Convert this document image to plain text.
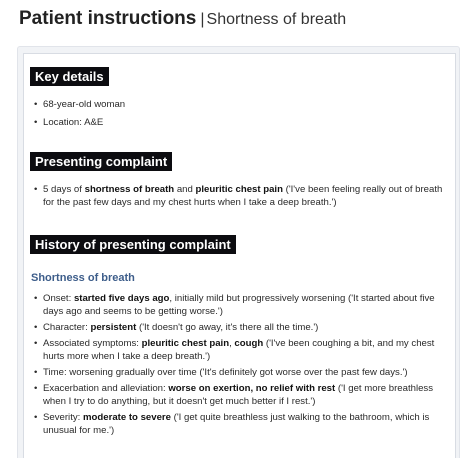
Patient instructions | Shortness of breath
Key details
• 68-year-old woman
• Location: A&E
Presenting complaint
• 5 days of shortness of breath and pleuritic chest pain ('I've been feeling really out of breath for the past few days and my chest hurts when I take a deep breath.')
History of presenting complaint
Shortness of breath
• Onset: started five days ago, initially mild but progressively worsening ('It started about five days ago and seems to be getting worse.')
• Character: persistent ('It doesn't go away, it's there all the time.')
• Associated symptoms: pleuritic chest pain, cough ('I've been coughing a bit, and my chest hurts more when I take a deep breath.')
• Time: worsening gradually over time ('It's definitely got worse over the past few days.')
• Exacerbation and alleviation: worse on exertion, no relief with rest ('I get more breathless when I try to do anything, but it doesn't get much better if I rest.')
• Severity: moderate to severe ('I get quite breathless just walking to the bathroom, which is unusual for me.')
